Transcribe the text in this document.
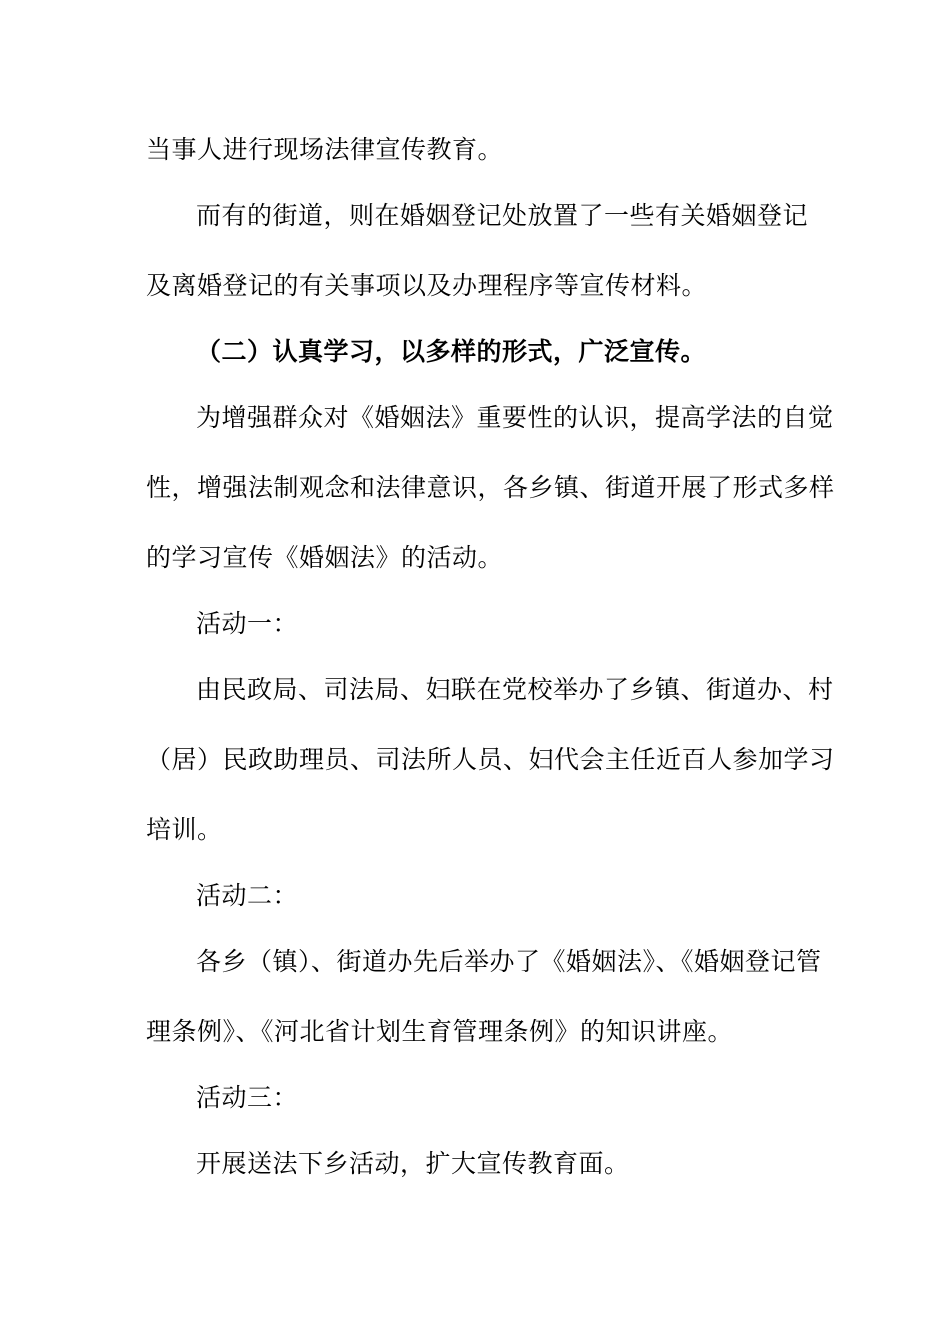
当事人进行现场法律宣传教育。
而有的街道，则在婚姻登记处放置了一些有关婚姻登记
及离婚登记的有关事项以及办理程序等宣传材料。
（二）认真学习，以多样的形式，广泛宣传。
为增强群众对《婚姻法》重要性的认识，提高学法的自觉
性，增强法制观念和法律意识，各乡镇、街道开展了形式多样
的学习宣传《婚姻法》的活动。
活动一：
由民政局、司法局、妇联在党校举办了乡镇、街道办、村
（居）民政助理员、司法所人员、妇代会主任近百人参加学习
培训。
活动二：
各乡（镇）、街道办先后举办了《婚姻法》、《婚姻登记管
理条例》、《河北省计划生育管理条例》的知识讲座。
活动三：
开展送法下乡活动，扩大宣传教育面。
